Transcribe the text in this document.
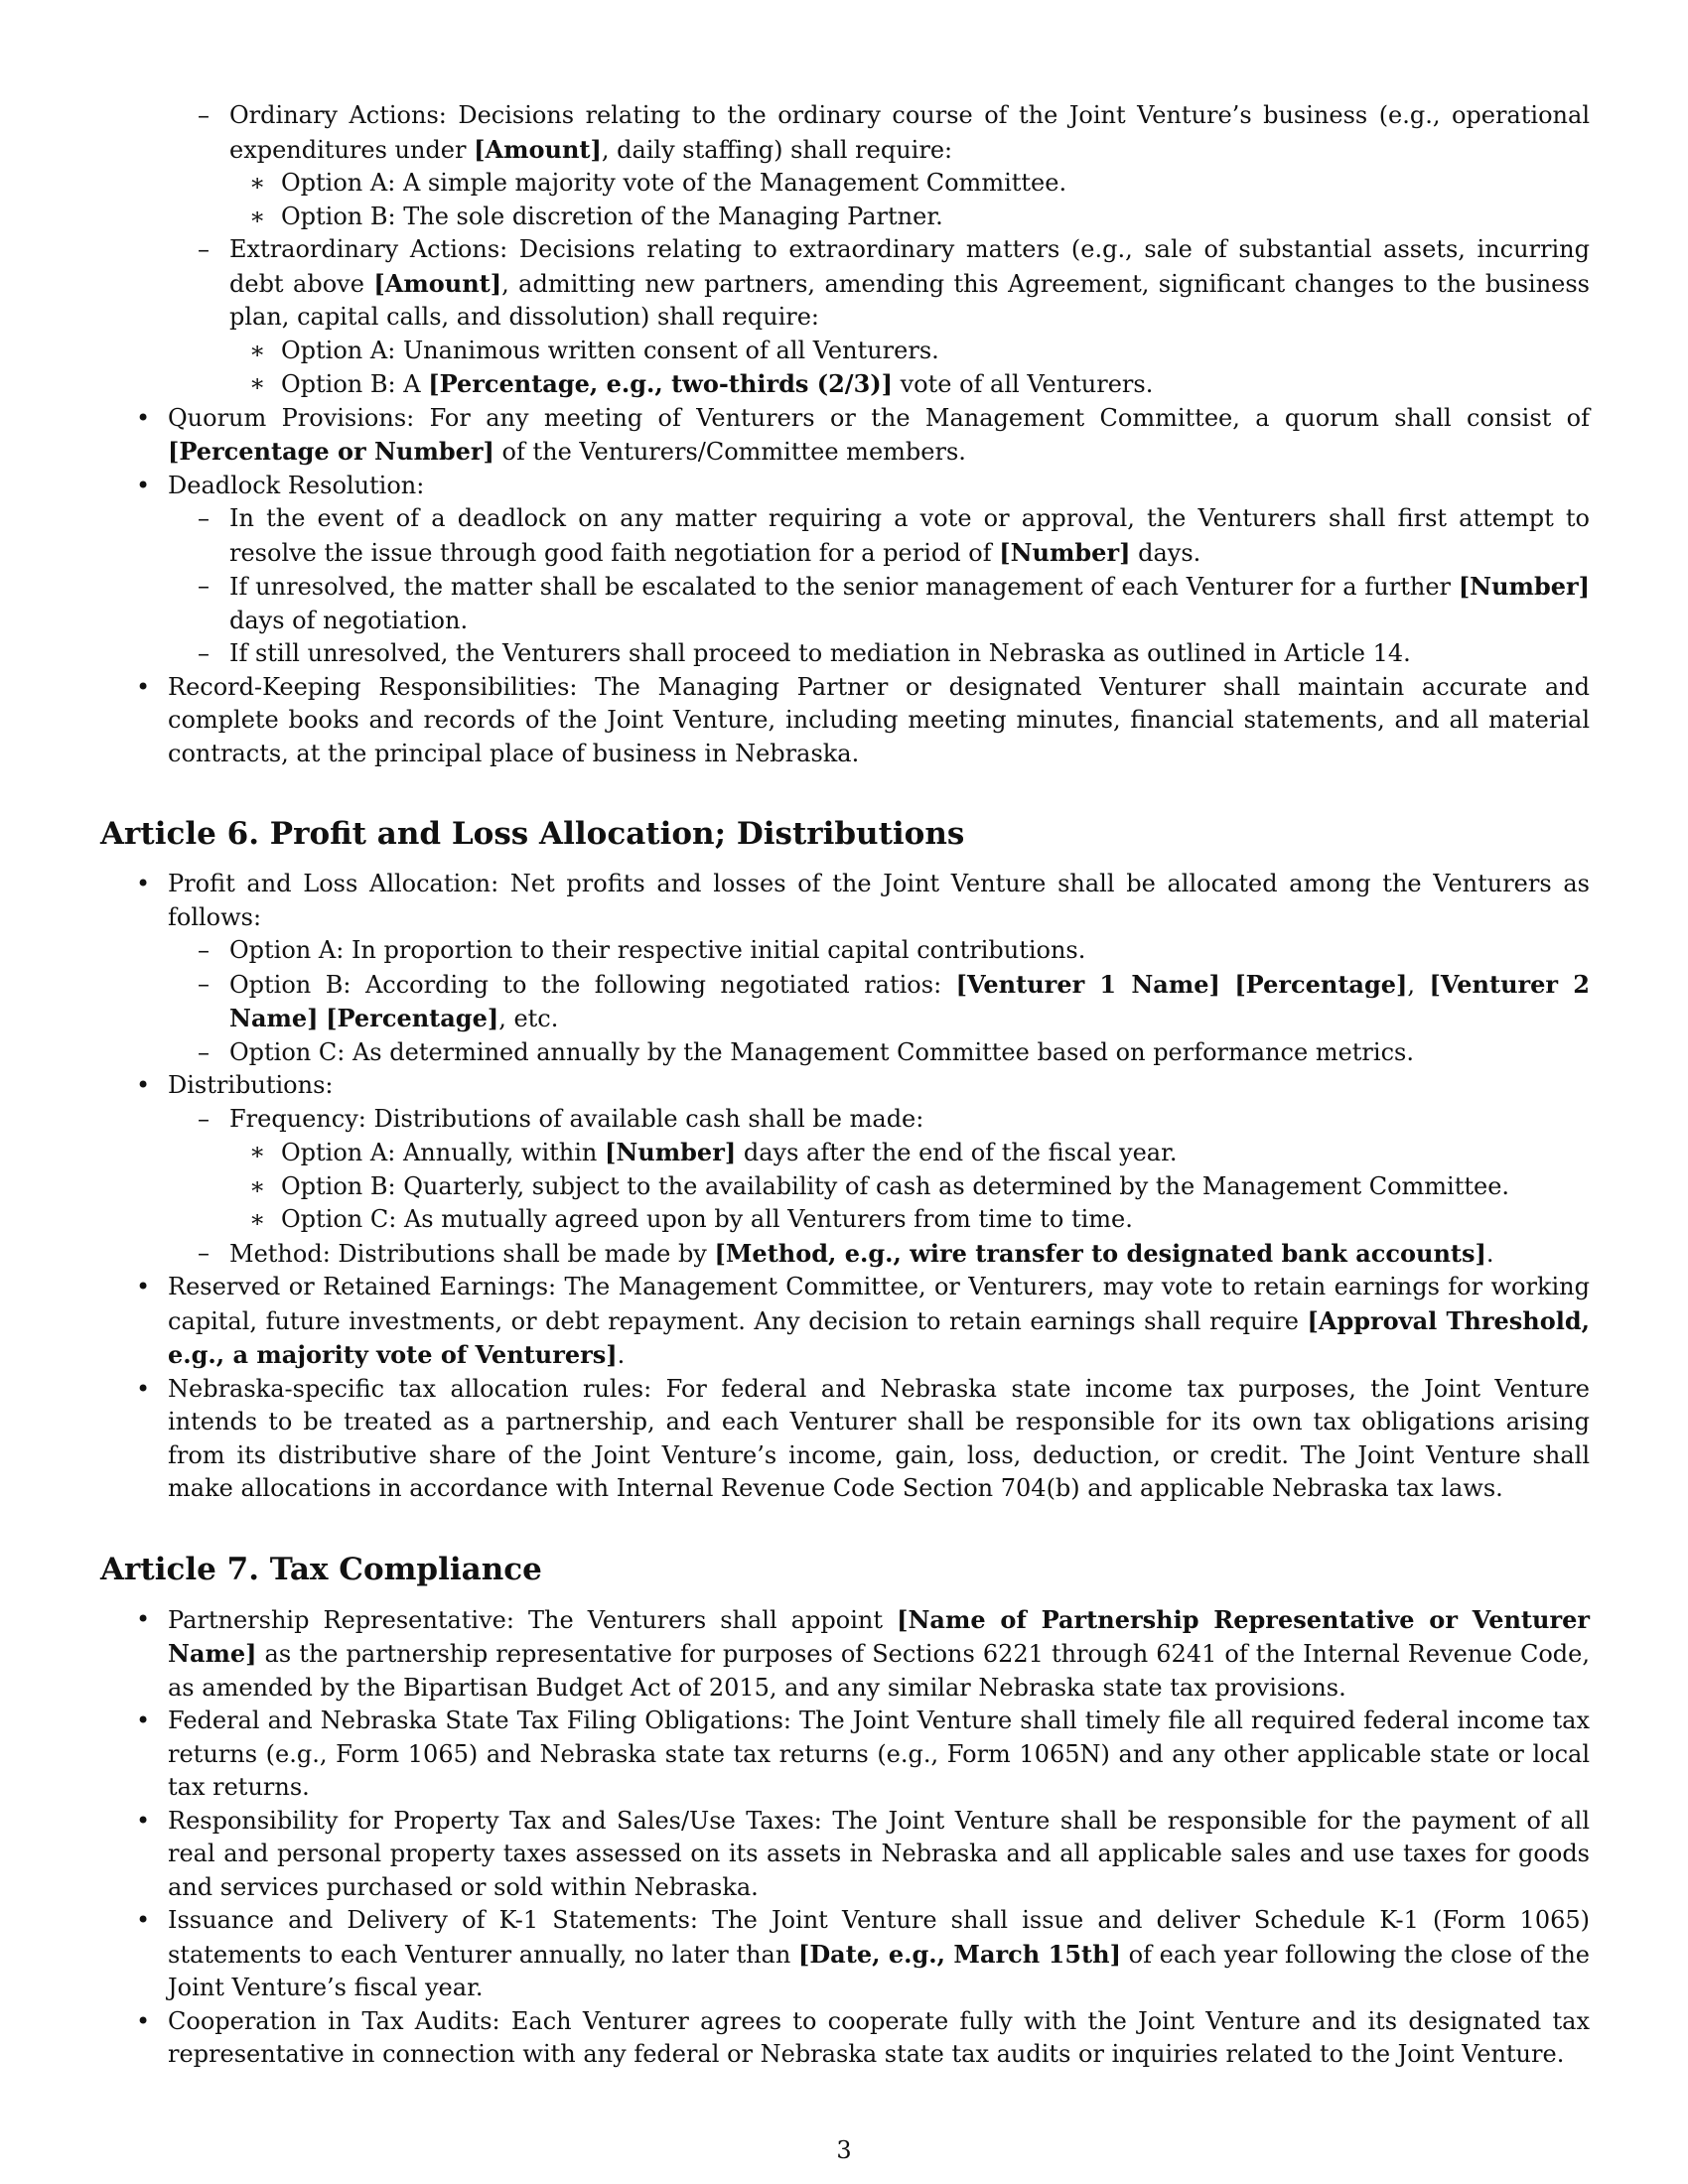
– Ordinary Actions: Decisions relating to the ordinary course of the Joint Venture’s business (e.g., operational expenditures under [Amount], daily staffing) shall require:

∗ Option A: A simple majority vote of the Management Committee.

∗ Option B: The sole discretion of the Managing Partner.

– Extraordinary Actions: Decisions relating to extraordinary matters (e.g., sale of substantial assets, incurring debt above [Amount], admitting new partners, amending this Agreement, significant changes to the business plan, capital calls, and dissolution) shall require:

∗ Option A: Unanimous written consent of all Venturers.

∗ Option B: A [Percentage, e.g., two-thirds (2/3)] vote of all Venturers.

• Quorum Provisions: For any meeting of Venturers or the Management Committee, a quorum shall consist of [Percentage or Number] of the Venturers/Committee members.

• Deadlock Resolution:

– In the event of a deadlock on any matter requiring a vote or approval, the Venturers shall first attempt to resolve the issue through good faith negotiation for a period of [Number] days.

– If unresolved, the matter shall be escalated to the senior management of each Venturer for a further [Number] days of negotiation.

– If still unresolved, the Venturers shall proceed to mediation in Nebraska as outlined in Article 14.

• Record-Keeping Responsibilities: The Managing Partner or designated Venturer shall maintain accurate and complete books and records of the Joint Venture, including meeting minutes, financial statements, and all material contracts, at the principal place of business in Nebraska.

Article 6. Profit and Loss Allocation; Distributions

• Profit and Loss Allocation: Net profits and losses of the Joint Venture shall be allocated among the Venturers as follows:

– Option A: In proportion to their respective initial capital contributions.

– Option B: According to the following negotiated ratios: [Venturer 1 Name] [Percentage], [Venturer 2 Name] [Percentage], etc.

– Option C: As determined annually by the Management Committee based on performance metrics.

• Distributions:

– Frequency: Distributions of available cash shall be made:

∗ Option A: Annually, within [Number] days after the end of the fiscal year.

∗ Option B: Quarterly, subject to the availability of cash as determined by the Management Committee.

∗ Option C: As mutually agreed upon by all Venturers from time to time.

– Method: Distributions shall be made by [Method, e.g., wire transfer to designated bank accounts].

• Reserved or Retained Earnings: The Management Committee, or Venturers, may vote to retain earnings for working capital, future investments, or debt repayment. Any decision to retain earnings shall require [Approval Threshold, e.g., a majority vote of Venturers].

• Nebraska-specific tax allocation rules: For federal and Nebraska state income tax purposes, the Joint Venture intends to be treated as a partnership, and each Venturer shall be responsible for its own tax obligations arising from its distributive share of the Joint Venture’s income, gain, loss, deduction, or credit. The Joint Venture shall make allocations in accordance with Internal Revenue Code Section 704(b) and applicable Nebraska tax laws.

Article 7. Tax Compliance

• Partnership Representative: The Venturers shall appoint [Name of Partnership Representative or Venturer Name] as the partnership representative for purposes of Sections 6221 through 6241 of the Internal Revenue Code, as amended by the Bipartisan Budget Act of 2015, and any similar Nebraska state tax provisions.

• Federal and Nebraska State Tax Filing Obligations: The Joint Venture shall timely file all required federal income tax returns (e.g., Form 1065) and Nebraska state tax returns (e.g., Form 1065N) and any other applicable state or local tax returns.

• Responsibility for Property Tax and Sales/Use Taxes: The Joint Venture shall be responsible for the payment of all real and personal property taxes assessed on its assets in Nebraska and all applicable sales and use taxes for goods and services purchased or sold within Nebraska.

• Issuance and Delivery of K-1 Statements: The Joint Venture shall issue and deliver Schedule K-1 (Form 1065) statements to each Venturer annually, no later than [Date, e.g., March 15th] of each year following the close of the Joint Venture’s fiscal year.

• Cooperation in Tax Audits: Each Venturer agrees to cooperate fully with the Joint Venture and its designated tax representative in connection with any federal or Nebraska state tax audits or inquiries related to the Joint Venture.

3
